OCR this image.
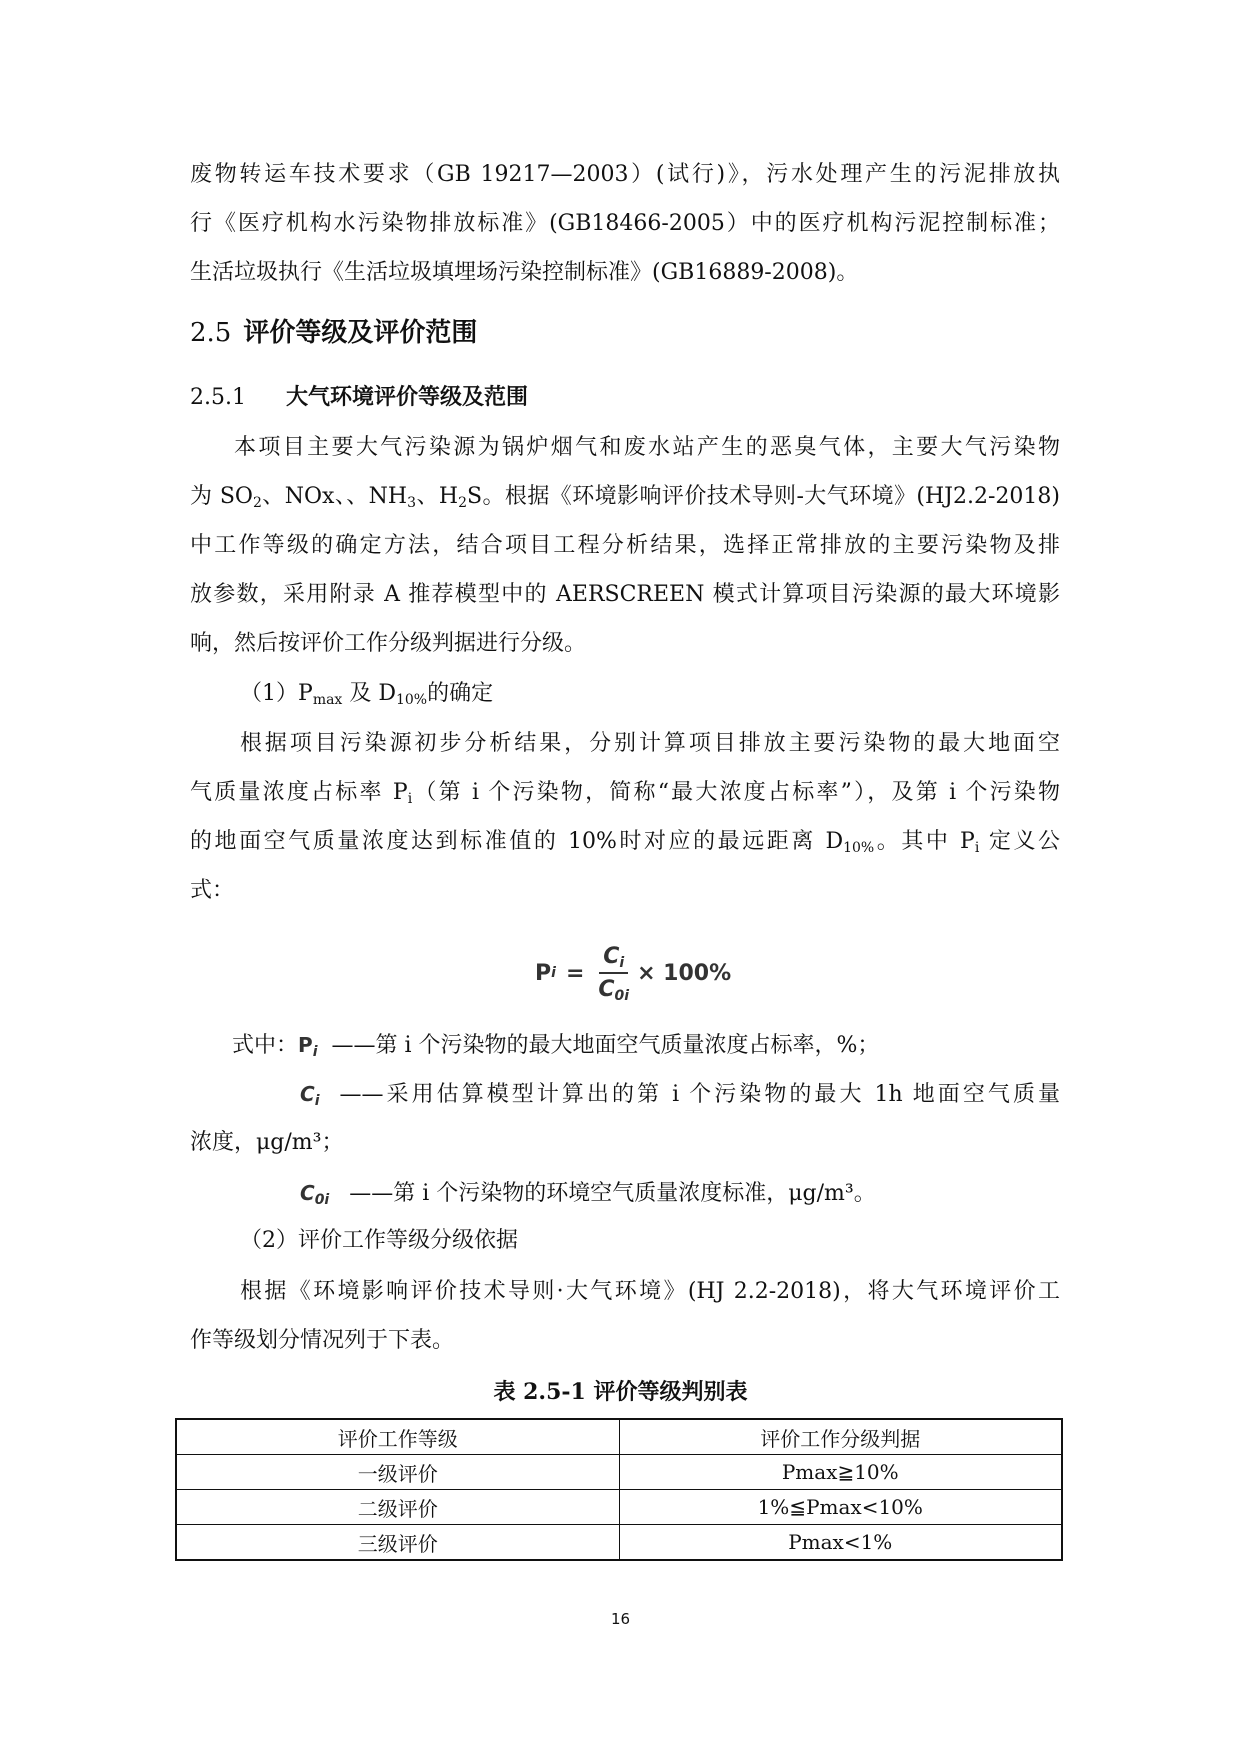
废物转运车技术要求（GB 19217—2003）(试行)》，污水处理产生的污泥排放执
行《医疗机构水污染物排放标准》(GB18466-2005）中的医疗机构污泥控制标准；
生活垃圾执行《生活垃圾填埋场污染控制标准》(GB16889-2008)。
2.5 评价等级及评价范围
2.5.1 大气环境评价等级及范围
本项目主要大气污染源为锅炉烟气和废水站产生的恶臭气体，主要大气污染物
为 $SO_2$、NOx、、$NH_3$、$H_2S$。根据《环境影响评价技术导则-大气环境》(HJ2.2-2018)
中工作等级的确定方法，结合项目工程分析结果，选择正常排放的主要污染物及排
放参数，采用附录 A 推荐模型中的 AERSCREEN 模式计算项目污染源的最大环境影
响，然后按评价工作分级判据进行分级。
$(1)P_{max}$ 及 $D_{10\%}$的确定
根据项目污染源初步分析结果，分别计算项目排放主要污染物的最大地面空
气质量浓度占标率 $P_i$（第 i 个污染物，简称“最大浓度占标率”），及第 i 个污染物
的地面空气质量浓度达到标准值的 10%时对应的最远距离 $D_{10\%}$。其中 $P_i$ 定义公
式：
P $i = \frac{C_i}{C_{0i}} \times 100\%$
式中：$P_i$ ——第 i 个污染物的最大地面空气质量浓度占标率，%；
$C_i$ ——采用估算模型计算出的第 i 个污染物的最大 1h 地面空气质量
浓度，μg/m³；
$C_{0i}$ ——第 i 个污染物的环境空气质量浓度标准，μg/m³。
（2）评价工作等级分级依据
根据《环境影响评价技术导则·大气环境》(HJ 2.2-2018)，将大气环境评价工
作等级划分情况列于下表。
表 2.5-1 评价等级判别表
评价工作等级	评价工作分级判据
一级评价	Pmax≧10%
二级评价	1%≦Pmax<10%
三级评价	Pmax<1%
16
